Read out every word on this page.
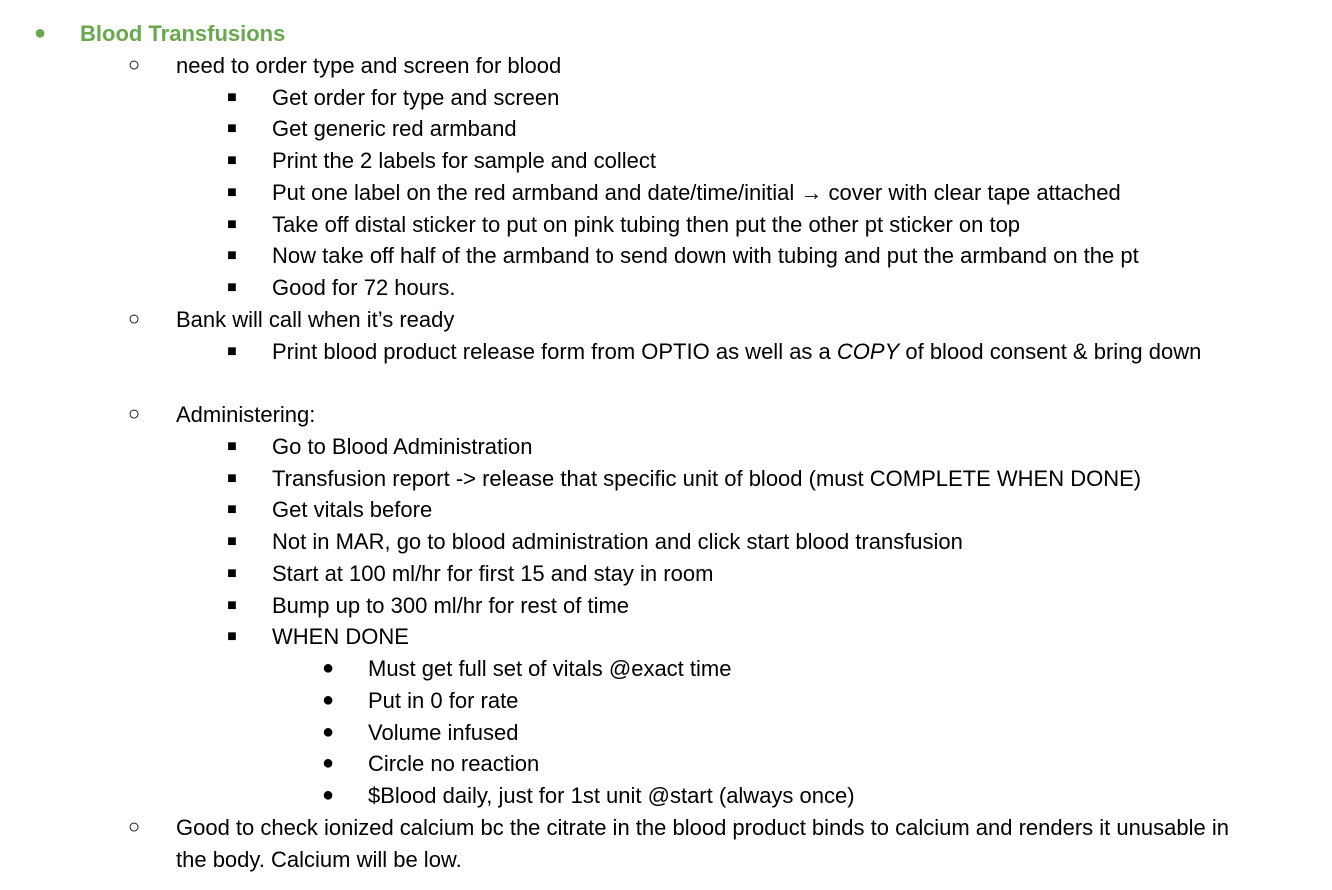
● Blood Transfusions
○ need to order type and screen for blood
■ Get order for type and screen
■ Get generic red armband
■ Print the 2 labels for sample and collect
■ Put one label on the red armband and date/time/initial → cover with clear tape attached
■ Take off distal sticker to put on pink tubing then put the other pt sticker on top
■ Now take off half of the armband to send down with tubing and put the armband on the pt
■ Good for 72 hours.
○ Bank will call when it’s ready
■ Print blood product release form from OPTIO as well as a COPY of blood consent & bring down
○ Administering:
■ Go to Blood Administration
■ Transfusion report -> release that specific unit of blood (must COMPLETE WHEN DONE)
■ Get vitals before
■ Not in MAR, go to blood administration and click start blood transfusion
■ Start at 100 ml/hr for first 15 and stay in room
■ Bump up to 300 ml/hr for rest of time
■ WHEN DONE
● Must get full set of vitals @exact time
● Put in 0 for rate
● Volume infused
● Circle no reaction
● $Blood daily, just for 1st unit @start (always once)
○ Good to check ionized calcium bc the citrate in the blood product binds to calcium and renders it unusable in the body. Calcium will be low.
